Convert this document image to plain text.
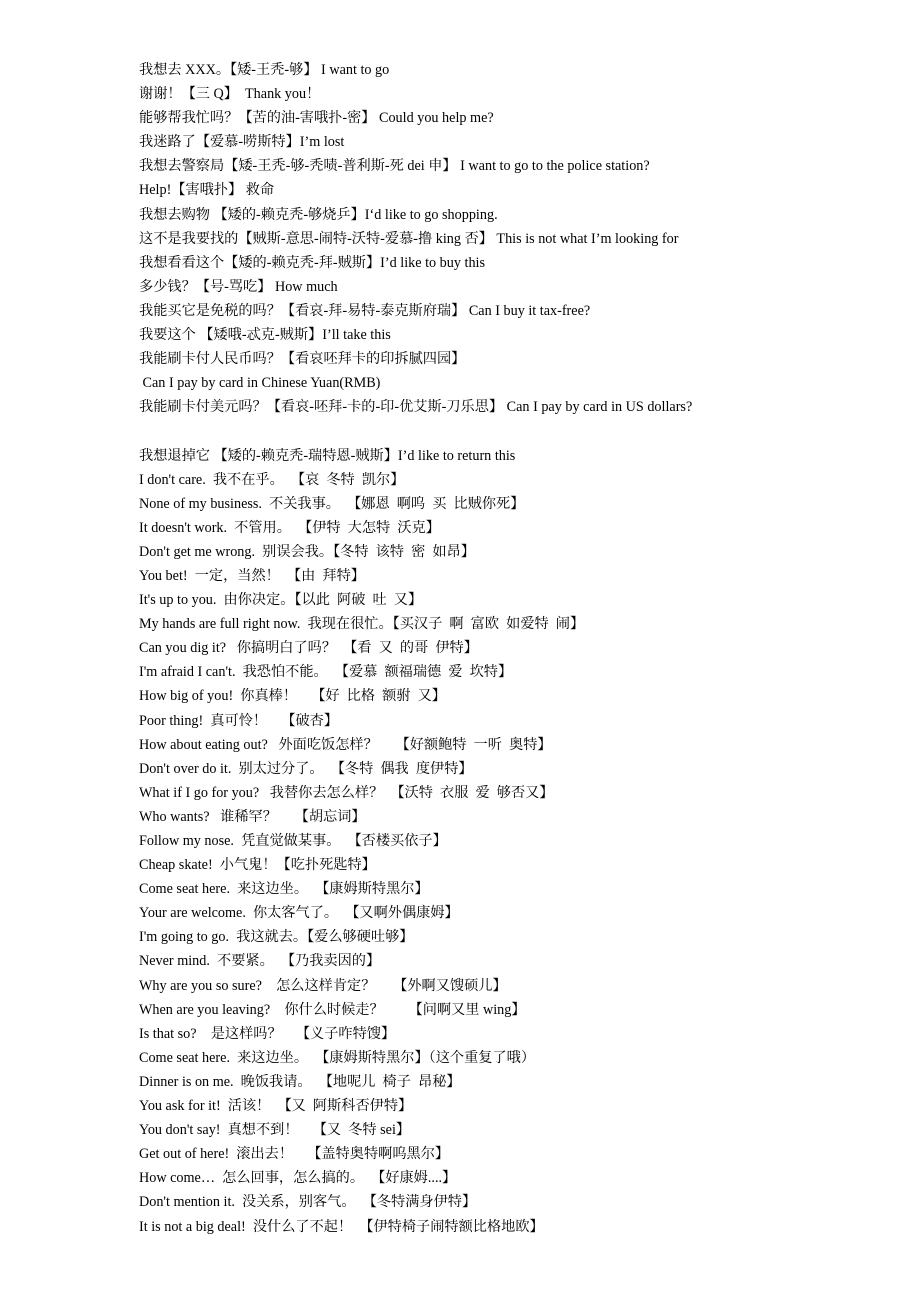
我想去 XXX。【矮-王秃-够】 I want to go
谢谢！【三 Q】  Thank you！
能够帮我忙吗？【苦的油-害哦扑-密】 Could you help me?
我迷路了【爱慕-唠斯特】I’m lost
我想去警察局【矮-王秃-够-秃啧-普利斯-死 dei 申】 I want to go to the police station?
Help!【害哦扑】 救命
我想去购物 【矮的-赖克秃-够烧乒】I‘d like to go shopping.
这不是我要找的【贼斯-意思-闹特-沃特-爱慕-撸 king 否】 This is not what I’m looking for
我想看看这个【矮的-赖克秃-拜-贼斯】I’d like to buy this
多少钱？【号-骂吃】 How much
我能买它是免税的吗？【看哀-拜-易特-泰克斯府瑞】 Can I buy it tax-free?
我要这个 【矮哦-忒克-贼斯】I’ll take this
我能刷卡付人民币吗？【看哀呸拜卡的印拆腻四园】
Can I pay by card in Chinese Yuan(RMB)
我能刷卡付美元吗？【看哀-呸拜-卡的-印-优艾斯-刀乐思】 Can I pay by card in US dollars?
我想退掉它 【矮的-赖克秃-瑞特恩-贼斯】I’d like to return this
I don't care.  我不在乎。  【哀  冬特  凯尔】
None of my business.  不关我事。  【娜恩  啊呜  买  比贼你死】
It doesn't work.  不管用。  【伊特  大怎特  沃克】
Don't get me wrong.  别误会我。【冬特  该特  密  如昂】
You bet!  一定，当然！  【由  拜特】
It's up to you.  由你决定。【以此  阿破  吐  又】
My hands are full right now.  我现在很忙。【买汉子  啊  富欧  如爱特  闹】
Can you dig it?   你搞明白了吗？  【看  又  的哥  伊特】
I'm afraid I can't.  我恐怕不能。  【爱慕  额福瑞德  爱  坎特】
How big of you!  你真棒！    【好  比格  额驸  又】
Poor thing!  真可怜！    【破杏】
How about eating out?   外面吃饭怎样？     【好额鲍特  一听  奥特】
Don't over do it.  别太过分了。  【冬特  偶我  度伊特】
What if I go for you?   我替你去怎么样？  【沃特  衣服  爱  够否又】
Who wants?   谁稀罕？     【胡忘词】
Follow my nose.  凭直觉做某事。  【否楼买依子】
Cheap skate!  小气鬼！【吃扑死匙特】
Come seat here.  来这边坐。  【康姆斯特黑尔】
Your are welcome.  你太客气了。  【又啊外偶康姆】
I'm going to go.  我这就去。【爱么够硬吐够】
Never mind.  不要紧。  【乃我卖因的】
Why are you so sure?    怎么这样肯定？     【外啊又馊硕儿】
When are you leaving?    你什么时候走？       【问啊又里 wing】
Is that so?    是这样吗？    【义子咋特馊】
Come seat here.  来这边坐。  【康姆斯特黑尔】（这个重复了哦）
Dinner is on me.  晚饭我请。  【地呢儿  椅子  昂秘】
You ask for it!  活该！  【又  阿斯科否伊特】
You don't say!  真想不到！    【又  冬特 sei】
Get out of here!  滚出去！    【盖特奥特啊呜黑尔】
How come…  怎么回事，怎么搞的。  【好康姆....】
Don't mention it.  没关系，别客气。  【冬特满身伊特】
It is not a big deal!  没什么了不起！  【伊特椅子闹特额比格地欧】
